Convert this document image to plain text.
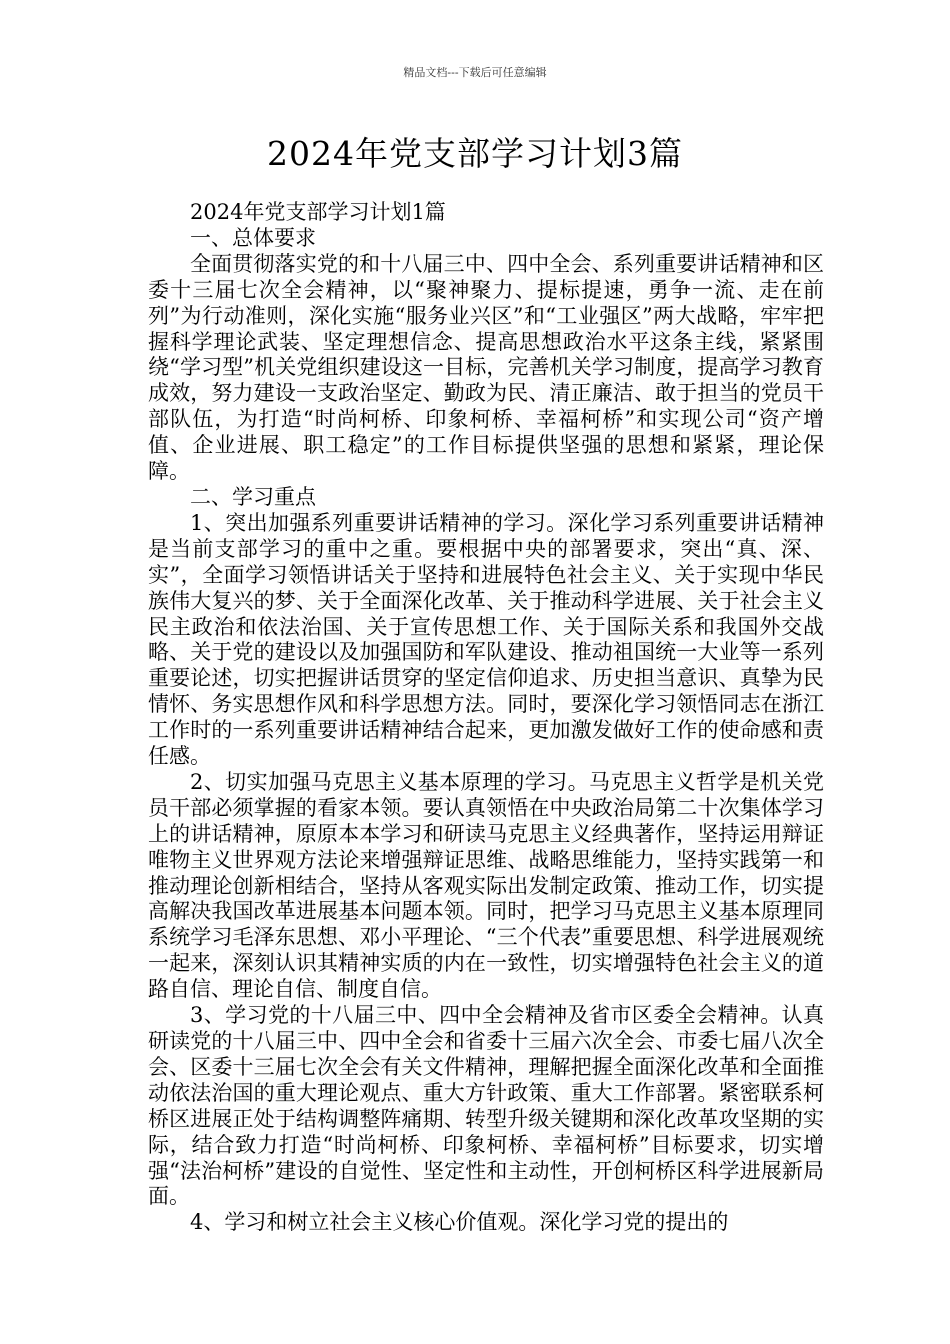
精品文档---下载后可任意编辑
2024年党支部学习计划3篇

2024年党支部学习计划1篇

一、总体要求

全面贯彻落实党的和十八届三中、四中全会、系列重要讲话精神和区委十三届七次全会精神，以“聚神聚力、提标提速，勇争一流、走在前列”为行动准则，深化实施“服务业兴区”和“工业强区”两大战略，牢牢把握科学理论武装、坚定理想信念、提高思想政治水平这条主线，紧紧围绕“学习型”机关党组织建设这一目标，完善机关学习制度，提高学习教育成效，努力建设一支政治坚定、勤政为民、清正廉洁、敢于担当的党员干部队伍，为打造“时尚柯桥、印象柯桥、幸福柯桥”和实现公司“资产增值、企业进展、职工稳定”的工作目标提供坚强的思想和紧紧，理论保障。

二、学习重点

1、突出加强系列重要讲话精神的学习。深化学习系列重要讲话精神是当前支部学习的重中之重。要根据中央的部署要求，突出“真、深、实”，全面学习领悟讲话关于坚持和进展特色社会主义、关于实现中华民族伟大复兴的梦、关于全面深化改革、关于推动科学进展、关于社会主义民主政治和依法治国、关于宣传思想工作、关于国际关系和我国外交战略、关于党的建设以及加强国防和军队建设、推动祖国统一大业等一系列重要论述，切实把握讲话贯穿的坚定信仰追求、历史担当意识、真挚为民情怀、务实思想作风和科学思想方法。同时，要深化学习领悟同志在浙江工作时的一系列重要讲话精神结合起来，更加激发做好工作的使命感和责任感。

2、切实加强马克思主义基本原理的学习。马克思主义哲学是机关党员干部必须掌握的看家本领。要认真领悟在中央政治局第二十次集体学习上的讲话精神，原原本本学习和研读马克思主义经典著作，坚持运用辩证唯物主义世界观方法论来增强辩证思维、战略思维能力，坚持实践第一和推动理论创新相结合，坚持从客观实际出发制定政策、推动工作，切实提高解决我国改革进展基本问题本领。同时，把学习马克思主义基本原理同系统学习毛泽东思想、邓小平理论、“三个代表”重要思想、科学进展观统一起来，深刻认识其精神实质的内在一致性，切实增强特色社会主义的道路自信、理论自信、制度自信。

3、学习党的十八届三中、四中全会精神及省市区委全会精神。认真研读党的十八届三中、四中全会和省委十三届六次全会、市委七届八次全会、区委十三届七次全会有关文件精神，理解把握全面深化改革和全面推动依法治国的重大理论观点、重大方针政策、重大工作部署。紧密联系柯桥区进展正处于结构调整阵痛期、转型升级关键期和深化改革攻坚期的实际，结合致力打造“时尚柯桥、印象柯桥、幸福柯桥”目标要求，切实增强“法治柯桥”建设的自觉性、坚定性和主动性，开创柯桥区科学进展新局面。

4、学习和树立社会主义核心价值观。深化学习党的提出的
